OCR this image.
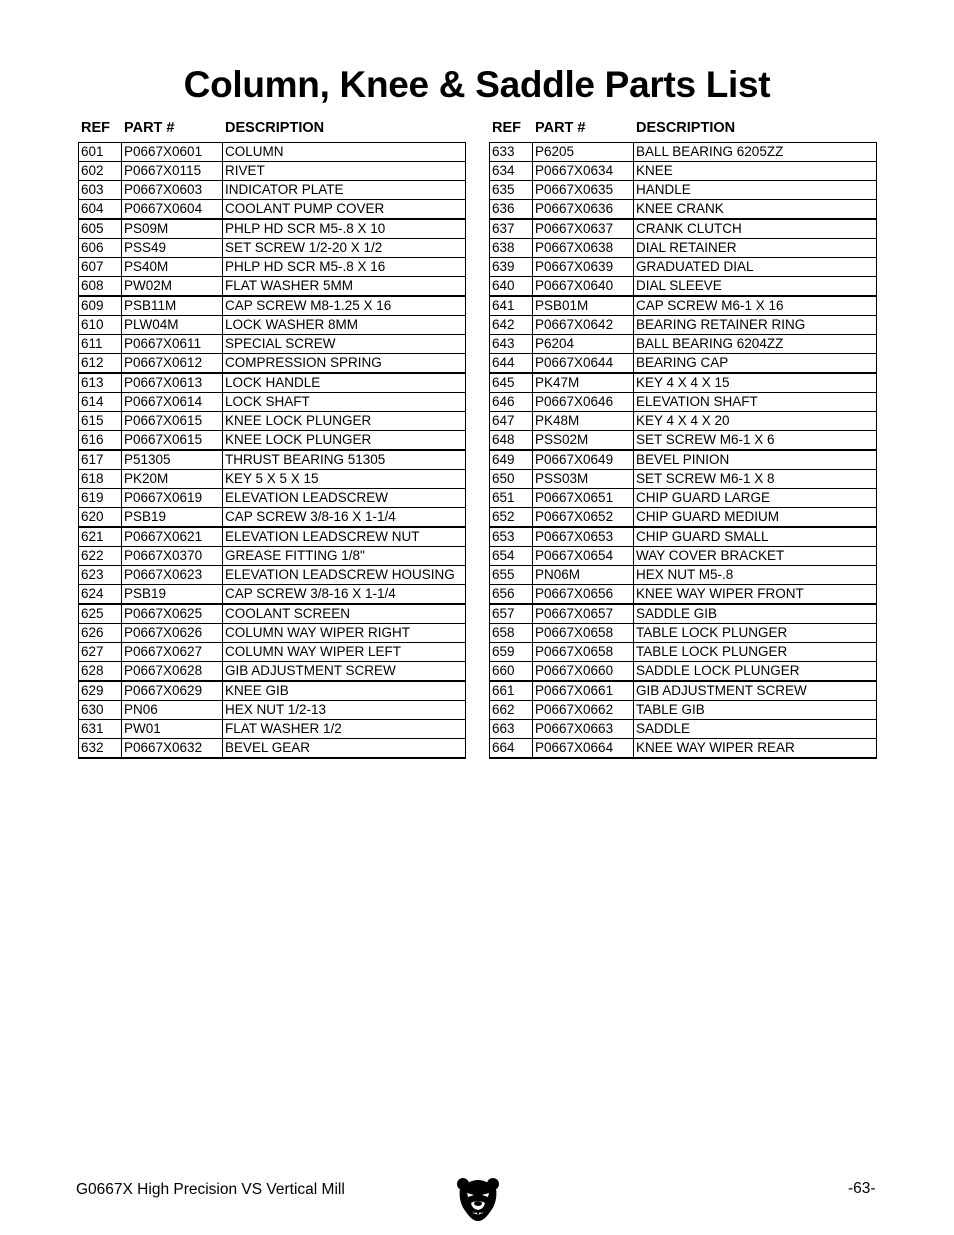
Column, Knee & Saddle Parts List
REF PART #	DESCRIPTION
601	P0667X0601	COLUMN
602	P0667X0115	RIVET
603	P0667X0603	INDICATOR PLATE
604	P0667X0604	COOLANT PUMP COVER
605	PS09M	PHLP HD SCR M5-.8 X 10
606	PSS49	SET SCREW 1/2-20 X 1/2
607	PS40M	PHLP HD SCR M5-.8 X 16
608	PW02M	FLAT WASHER 5MM
609	PSB11M	CAP SCREW M8-1.25 X 16
610	PLW04M	LOCK WASHER 8MM
611	P0667X0611	SPECIAL SCREW
612	P0667X0612	COMPRESSION SPRING
613	P0667X0613	LOCK HANDLE
614	P0667X0614	LOCK SHAFT
615	P0667X0615	KNEE LOCK PLUNGER
616	P0667X0615	KNEE LOCK PLUNGER
617	P51305	THRUST BEARING 51305
618	PK20M	KEY 5 X 5 X 15
619	P0667X0619	ELEVATION LEADSCREW
620	PSB19	CAP SCREW 3/8-16 X 1-1/4
621	P0667X0621	ELEVATION LEADSCREW NUT
622	P0667X0370	GREASE FITTING 1/8"
623	P0667X0623	ELEVATION LEADSCREW HOUSING
624	PSB19	CAP SCREW 3/8-16 X 1-1/4
625	P0667X0625	COOLANT SCREEN
626	P0667X0626	COLUMN WAY WIPER RIGHT
627	P0667X0627	COLUMN WAY WIPER LEFT
628	P0667X0628	GIB ADJUSTMENT SCREW
629	P0667X0629	KNEE GIB
630	PN06	HEX NUT 1/2-13
631	PW01	FLAT WASHER 1/2
632	P0667X0632	BEVEL GEAR
REF PART #	DESCRIPTION
633	P6205	BALL BEARING 6205ZZ
634	P0667X0634	KNEE
635	P0667X0635	HANDLE
636	P0667X0636	KNEE CRANK
637	P0667X0637	CRANK CLUTCH
638	P0667X0638	DIAL RETAINER
639	P0667X0639	GRADUATED DIAL
640	P0667X0640	DIAL SLEEVE
641	PSB01M	CAP SCREW M6-1 X 16
642	P0667X0642	BEARING RETAINER RING
643	P6204	BALL BEARING 6204ZZ
644	P0667X0644	BEARING CAP
645	PK47M	KEY 4 X 4 X 15
646	P0667X0646	ELEVATION SHAFT
647	PK48M	KEY 4 X 4 X 20
648	PSS02M	SET SCREW M6-1 X 6
649	P0667X0649	BEVEL PINION
650	PSS03M	SET SCREW M6-1 X 8
651	P0667X0651	CHIP GUARD LARGE
652	P0667X0652	CHIP GUARD MEDIUM
653	P0667X0653	CHIP GUARD SMALL
654	P0667X0654	WAY COVER BRACKET
655	PN06M	HEX NUT M5-.8
656	P0667X0656	KNEE WAY WIPER FRONT
657	P0667X0657	SADDLE GIB
658	P0667X0658	TABLE LOCK PLUNGER
659	P0667X0658	TABLE LOCK PLUNGER
660	P0667X0660	SADDLE LOCK PLUNGER
661	P0667X0661	GIB ADJUSTMENT SCREW
662	P0667X0662	TABLE GIB
663	P0667X0663	SADDLE
664	P0667X0664	KNEE WAY WIPER REAR
G0667X High Precision VS Vertical Mill	-63-
